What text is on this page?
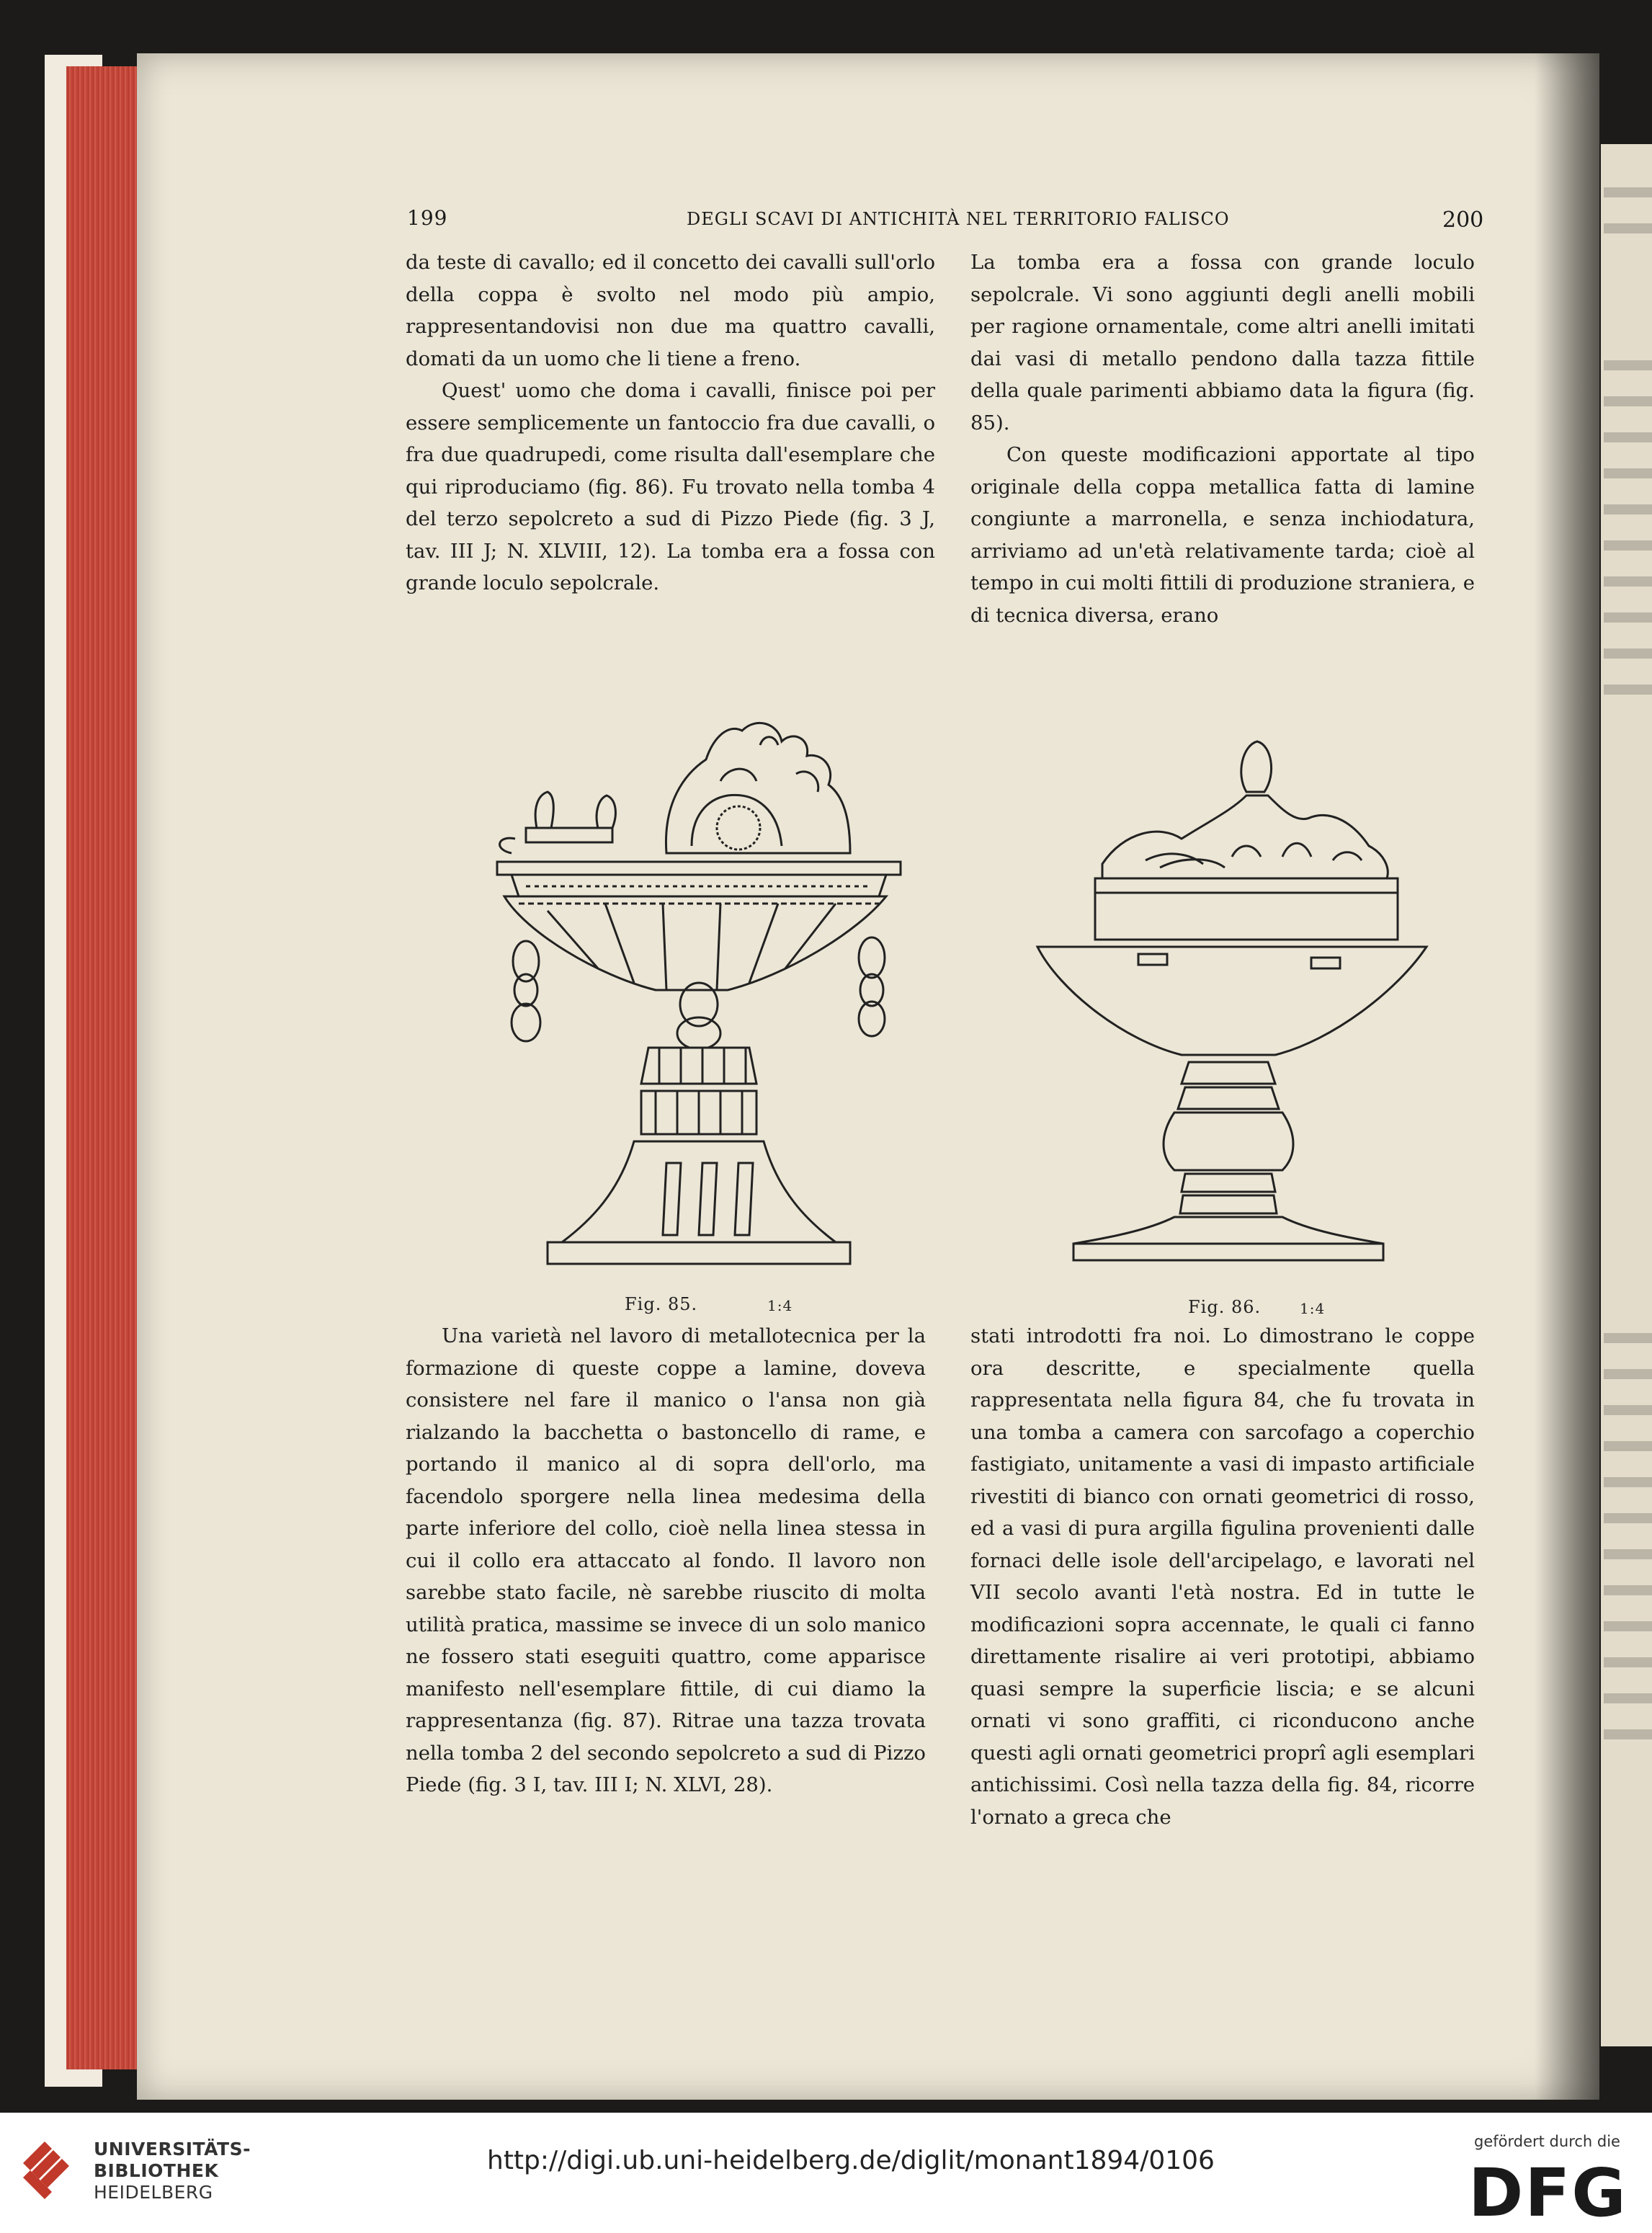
199	DEGLI SCAVI DI ANTICHITÀ NEL TERRITORIO FALISCO	200

da teste di cavallo; ed il concetto dei cavalli sull'orlo della coppa è svolto nel modo più ampio, rappresentandovisi non due ma quattro cavalli, domati da un uomo che li tiene a freno.

Quest' uomo che doma i cavalli, finisce poi per essere semplicemente un fantoccio fra due cavalli, o fra due quadrupedi, come risulta dall'esemplare che qui riproduciamo (fig. 86). Fu trovato nella tomba 4 del terzo sepolcreto a sud di Pizzo Piede (fig. 3 J, tav. III J; N. XLVIII, 12). La tomba era a fossa con grande loculo sepolcrale.

La tomba era a fossa con grande loculo sepolcrale. Vi sono aggiunti degli anelli mobili per ragione ornamentale, come altri anelli imitati dai vasi di metallo pendono dalla tazza fittile della quale parimenti abbiamo data la figura (fig. 85).

Con queste modificazioni apportate al tipo originale della coppa metallica fatta di lamine congiunte a marronella, e senza inchiodatura, arriviamo ad un'età relativamente tarda; cioè al tempo in cui molti fittili di produzione straniera, e di tecnica diversa, erano

Fig. 85.	1:4	Fig. 86.	1:4

Una varietà nel lavoro di metallotecnica per la formazione di queste coppe a lamine, doveva consistere nel fare il manico o l'ansa non già rialzando la bacchetta o bastoncello di rame, e portando il manico al di sopra dell'orlo, ma facendolo sporgere nella linea medesima della parte inferiore del collo, cioè nella linea stessa in cui il collo era attaccato al fondo. Il lavoro non sarebbe stato facile, nè sarebbe riuscito di molta utilità pratica, massime se invece di un solo manico ne fossero stati eseguiti quattro, come apparisce manifesto nell'esemplare fittile, di cui diamo la rappresentanza (fig. 87). Ritrae una tazza trovata nella tomba 2 del secondo sepolcreto a sud di Pizzo Piede (fig. 3 I, tav. III I; N. XLVI, 28).

stati introdotti fra noi. Lo dimostrano le coppe ora descritte, e specialmente quella rappresentata nella figura 84, che fu trovata in una tomba a camera con sarcofago a coperchio fastigiato, unitamente a vasi di impasto artificiale rivestiti di bianco con ornati geometrici di rosso, ed a vasi di pura argilla figulina provenienti dalle fornaci delle isole dell'arcipelago, e lavorati nel VII secolo avanti l'età nostra. Ed in tutte le modificazioni sopra accennate, le quali ci fanno direttamente risalire ai veri prototipi, abbiamo quasi sempre la superficie liscia; e se alcuni ornati vi sono graffiti, ci riconducono anche questi agli ornati geometrici proprî agli esemplari antichissimi. Così nella tazza della fig. 84, ricorre l'ornato a greca che

UNIVERSITÄTS-
BIBLIOTHEK
HEIDELBERG
http://digi.ub.uni-heidelberg.de/diglit/monant1894/0106
gefördert durch die
DFG
